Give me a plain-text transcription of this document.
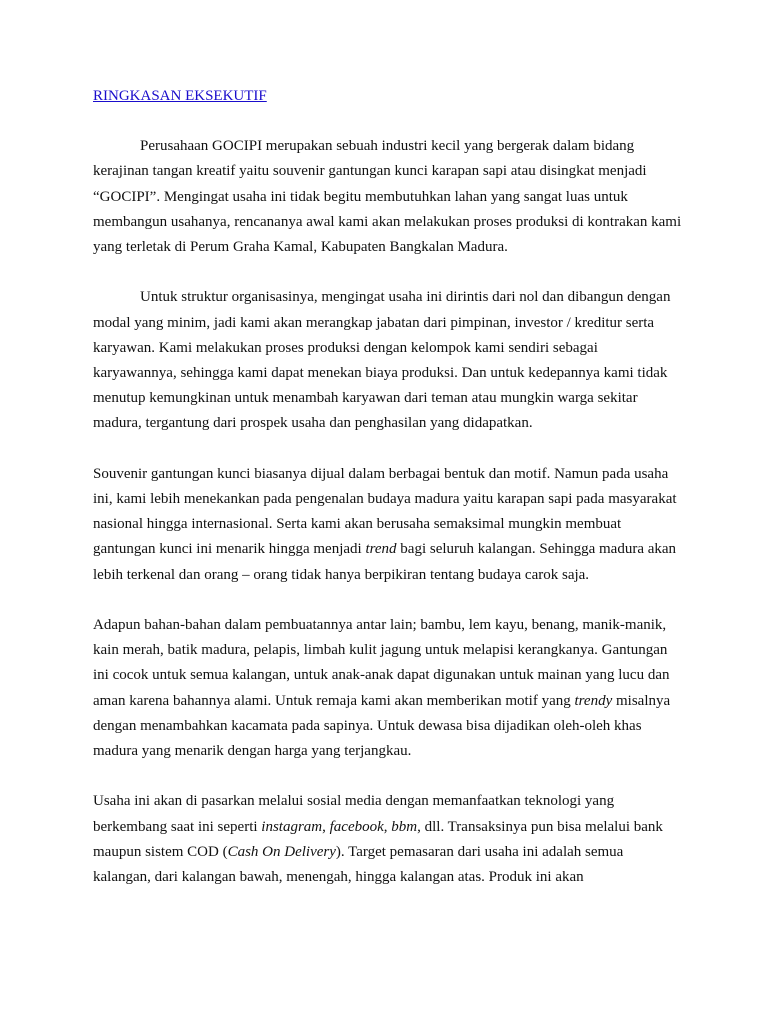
RINGKASAN EKSEKUTIF

Perusahaan GOCIPI merupakan sebuah industri kecil yang bergerak dalam bidang kerajinan tangan kreatif yaitu souvenir gantungan kunci karapan sapi atau disingkat menjadi “GOCIPI”. Mengingat usaha ini tidak begitu membutuhkan lahan yang sangat luas untuk membangun usahanya, rencananya awal kami akan melakukan proses produksi di kontrakan kami yang terletak di Perum Graha Kamal, Kabupaten Bangkalan Madura.

Untuk struktur organisasinya, mengingat usaha ini dirintis dari nol dan dibangun dengan modal yang minim, jadi kami akan merangkap jabatan dari pimpinan, investor / kreditur serta karyawan. Kami melakukan proses produksi dengan kelompok kami sendiri sebagai karyawannya, sehingga kami dapat menekan biaya produksi. Dan untuk kedepannya kami tidak menutup kemungkinan untuk menambah karyawan dari teman atau mungkin warga sekitar madura, tergantung dari prospek usaha dan penghasilan yang didapatkan.

Souvenir gantungan kunci biasanya dijual dalam berbagai bentuk dan motif. Namun pada usaha ini, kami lebih menekankan pada pengenalan budaya madura yaitu karapan sapi pada masyarakat nasional hingga internasional. Serta kami akan berusaha semaksimal mungkin membuat gantungan kunci ini menarik hingga menjadi trend bagi seluruh kalangan. Sehingga madura akan lebih terkenal dan orang – orang tidak hanya berpikiran tentang budaya carok saja.

Adapun bahan-bahan dalam pembuatannya antar lain; bambu, lem kayu, benang, manik-manik, kain merah, batik madura, pelapis, limbah kulit jagung untuk melapisi kerangkanya. Gantungan ini cocok untuk semua kalangan, untuk anak-anak dapat digunakan untuk mainan yang lucu dan aman karena bahannya alami. Untuk remaja kami akan memberikan motif yang trendy misalnya dengan menambahkan kacamata pada sapinya. Untuk dewasa bisa dijadikan oleh-oleh khas madura yang menarik dengan harga yang terjangkau.

Usaha ini akan di pasarkan melalui sosial media dengan memanfaatkan teknologi yang berkembang saat ini seperti instagram, facebook, bbm, dll. Transaksinya pun bisa melalui bank maupun sistem COD (Cash On Delivery). Target pemasaran dari usaha ini adalah semua kalangan, dari kalangan bawah, menengah, hingga kalangan atas. Produk ini akan
